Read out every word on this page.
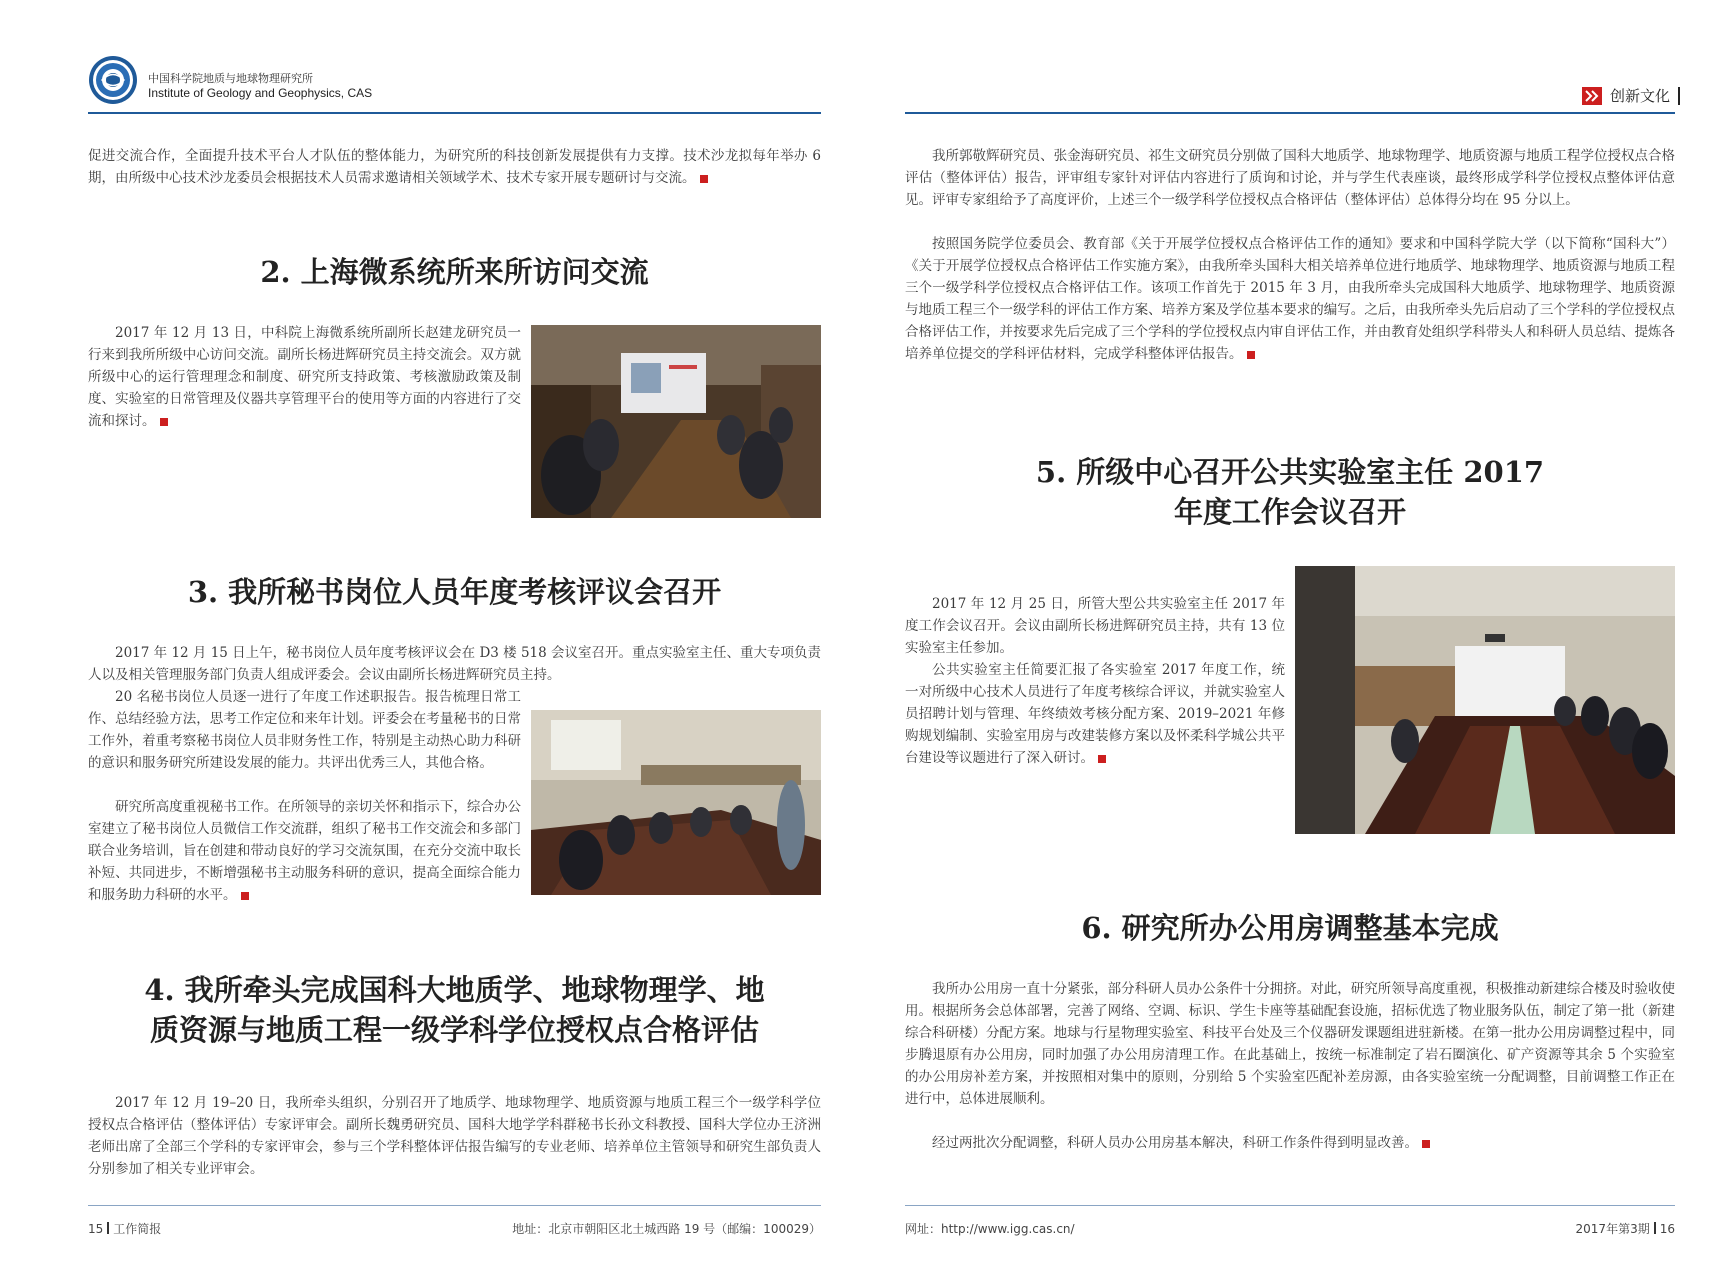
中国科学院地质与地球物理研究所
Institute of Geology and Geophysics, CAS

促进交流合作，全面提升技术平台人才队伍的整体能力，为研究所的科技创新发展提供有力支撑。技术沙龙拟每年举办 6 期，由所级中心技术沙龙委员会根据技术人员需求邀请相关领域学术、技术专家开展专题研讨与交流。

2. 上海微系统所来所访问交流

2017 年 12 月 13 日，中科院上海微系统所副所长赵建龙研究员一行来到我所所级中心访问交流。副所长杨进辉研究员主持交流会。双方就所级中心的运行管理理念和制度、研究所支持政策、考核激励政策及制度、实验室的日常管理及仪器共享管理平台的使用等方面的内容进行了交流和探讨。

3. 我所秘书岗位人员年度考核评议会召开

2017 年 12 月 15 日上午，秘书岗位人员年度考核评议会在 D3 楼 518 会议室召开。重点实验室主任、重大专项负责人以及相关管理服务部门负责人组成评委会。会议由副所长杨进辉研究员主持。

20 名秘书岗位人员逐一进行了年度工作述职报告。报告梳理日常工作、总结经验方法，思考工作定位和来年计划。评委会在考量秘书的日常工作外，着重考察秘书岗位人员非财务性工作，特别是主动热心助力科研的意识和服务研究所建设发展的能力。共评出优秀三人，其他合格。

研究所高度重视秘书工作。在所领导的亲切关怀和指示下，综合办公室建立了秘书岗位人员微信工作交流群，组织了秘书工作交流会和多部门联合业务培训，旨在创建和带动良好的学习交流氛围，在充分交流中取长补短、共同进步，不断增强秘书主动服务科研的意识，提高全面综合能力和服务助力科研的水平。

4. 我所牵头完成国科大地质学、地球物理学、地
质资源与地质工程一级学科学位授权点合格评估

2017 年 12 月 19–20 日，我所牵头组织，分别召开了地质学、地球物理学、地质资源与地质工程三个一级学科学位授权点合格评估（整体评估）专家评审会。副所长魏勇研究员、国科大地学学科群秘书长孙文科教授、国科大学位办王济洲老师出席了全部三个学科的专家评审会，参与三个学科整体评估报告编写的专业老师、培养单位主管领导和研究生部负责人分别参加了相关专业评审会。

15 工作简报	地址：北京市朝阳区北土城西路 19 号（邮编：100029）
创新文化

我所郭敬辉研究员、张金海研究员、祁生文研究员分别做了国科大地质学、地球物理学、地质资源与地质工程学位授权点合格评估（整体评估）报告，评审组专家针对评估内容进行了质询和讨论，并与学生代表座谈，最终形成学科学位授权点整体评估意见。评审专家组给予了高度评价，上述三个一级学科学位授权点合格评估（整体评估）总体得分均在 95 分以上。

按照国务院学位委员会、教育部《关于开展学位授权点合格评估工作的通知》要求和中国科学院大学（以下简称“国科大”）《关于开展学位授权点合格评估工作实施方案》，由我所牵头国科大相关培养单位进行地质学、地球物理学、地质资源与地质工程三个一级学科学位授权点合格评估工作。该项工作首先于 2015 年 3 月，由我所牵头完成国科大地质学、地球物理学、地质资源与地质工程三个一级学科的评估工作方案、培养方案及学位基本要求的编写。之后，由我所牵头先后启动了三个学科的学位授权点合格评估工作，并按要求先后完成了三个学科的学位授权点内审自评估工作，并由教育处组织学科带头人和科研人员总结、提炼各培养单位提交的学科评估材料，完成学科整体评估报告。

5. 所级中心召开公共实验室主任 2017
年度工作会议召开

2017 年 12 月 25 日，所管大型公共实验室主任 2017 年度工作会议召开。会议由副所长杨进辉研究员主持，共有 13 位实验室主任参加。

公共实验室主任简要汇报了各实验室 2017 年度工作，统一对所级中心技术人员进行了年度考核综合评议，并就实验室人员招聘计划与管理、年终绩效考核分配方案、2019–2021 年修购规划编制、实验室用房与改建装修方案以及怀柔科学城公共平台建设等议题进行了深入研讨。

6. 研究所办公用房调整基本完成

我所办公用房一直十分紧张，部分科研人员办公条件十分拥挤。对此，研究所领导高度重视，积极推动新建综合楼及时验收使用。根据所务会总体部署，完善了网络、空调、标识、学生卡座等基础配套设施，招标优选了物业服务队伍，制定了第一批（新建综合科研楼）分配方案。地球与行星物理实验室、科技平台处及三个仪器研发课题组进驻新楼。在第一批办公用房调整过程中，同步腾退原有办公用房，同时加强了办公用房清理工作。在此基础上，按统一标准制定了岩石圈演化、矿产资源等其余 5 个实验室的办公用房补差方案，并按照相对集中的原则，分别给 5 个实验室匹配补差房源，由各实验室统一分配调整，目前调整工作正在进行中，总体进展顺利。

经过两批次分配调整，科研人员办公用房基本解决，科研工作条件得到明显改善。

网址：http://www.igg.cas.cn/	2017年第3期 16
